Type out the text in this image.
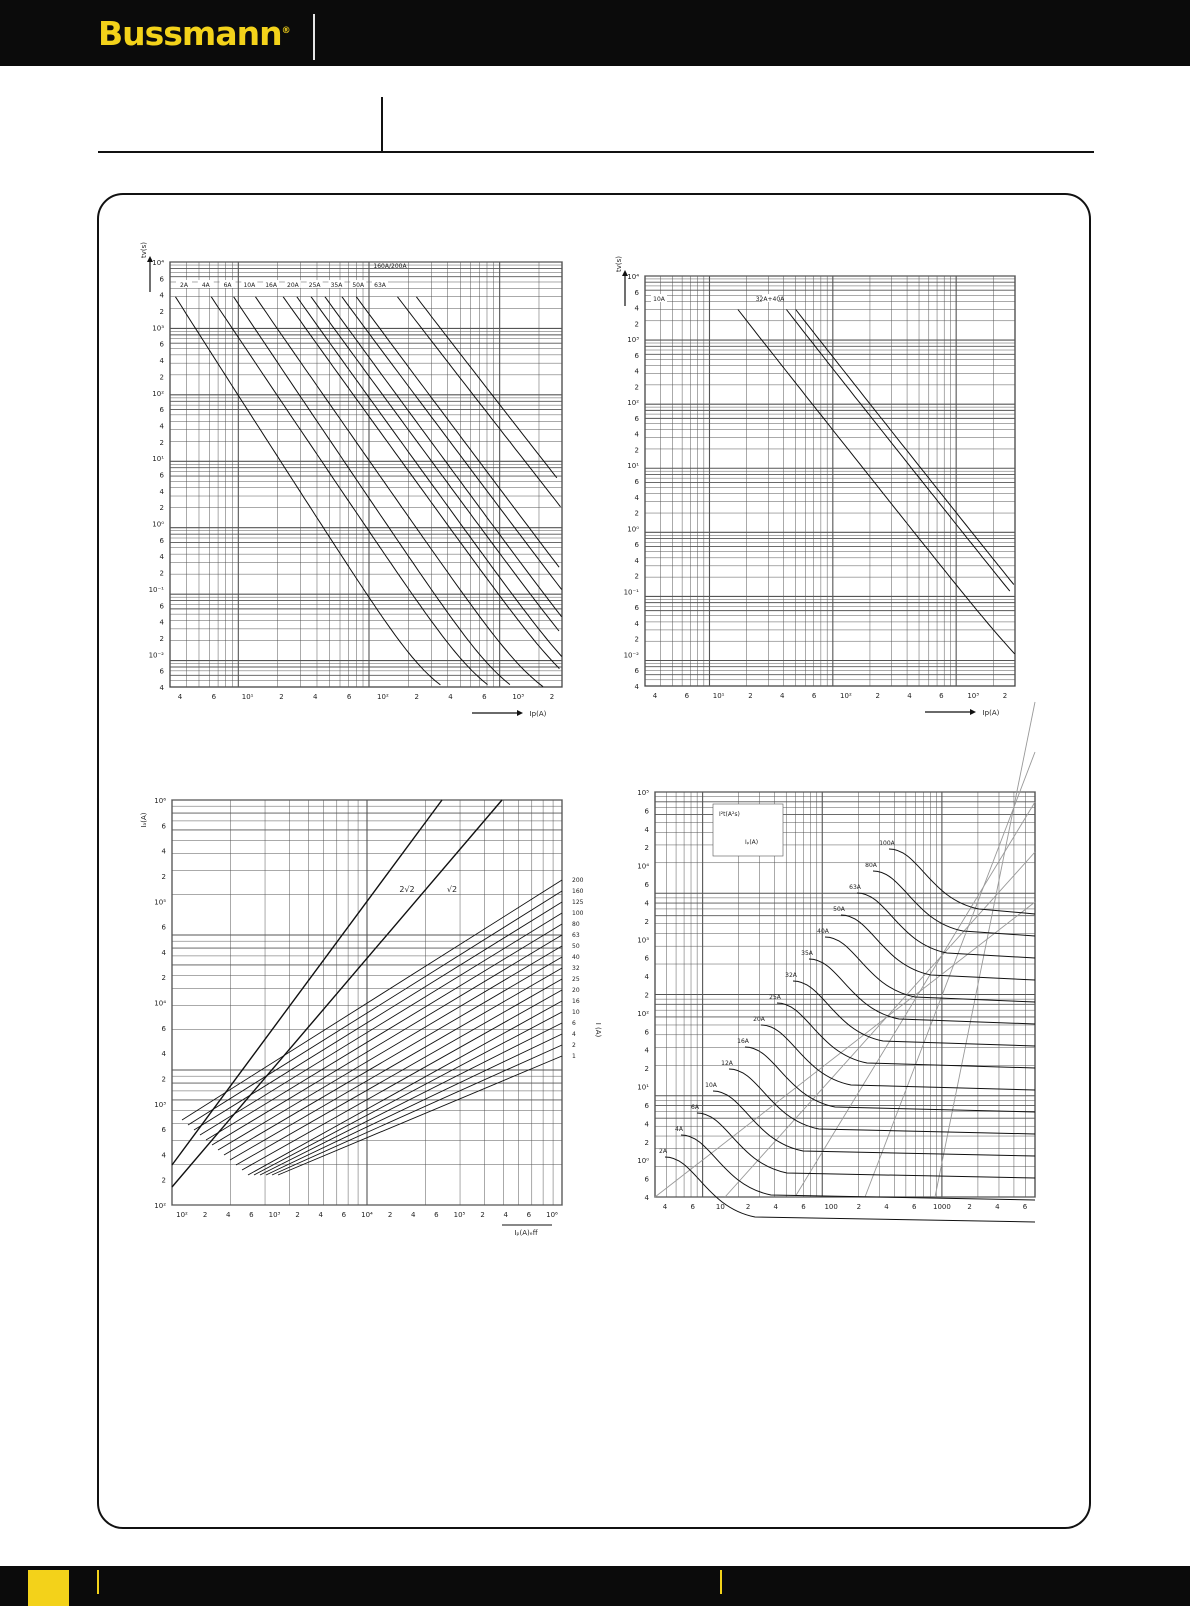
Bussmann®
10⁴
6
4
2
10³
6
4
2
10²
6
4
2
10¹
6
4
2
10⁰
6
4
2
10⁻¹
6
4
2
10⁻²
6
4
4	6	10¹	2	4	6	10²	2	4	6	10³	2
tv(s)
Ip(A)
2A 4A 6A 10A 16A 20A 25A 35A 50A 63A
160A/200A
10⁴
6
4
2
10³
6
4
2
10²
6
4
2
10¹
6
4
2
10⁰
6
4
2
10⁻¹
6
4
2
10⁻²
6
4
4	6	10¹	2	4	6	10²	2	4	6	10³	2
tv(s)
Ip(A)
10A	32A+40A
10⁶
6
4
2
10⁵
6
4
2
10⁴
6
4
2
10³
6
4
2
10²
10² 2	4	6 10³ 2	4	6 10⁴ 2	4	6 10⁵ 2	4	6 10⁶
Iₐ(A)
Iₚ(A)ₑff
2√2	√2
200
160
125
100
80
63
50
40
32
25
20
16
10
6
4
2
1
I (A)
10⁵
6
4
2
10⁴
6
4
2
10³
6
4
2
10²
6
4
2
10¹
6
4
2
10⁰
6
4
4	6	10	2	4	6	100	2	4	6 1000 2	4	6
I²t(A²s)
Iₚ(A)
2A
4A
6A
10A
12A
16A
20A
25A
32A
35A
40A
50A
63A
80A
100A
